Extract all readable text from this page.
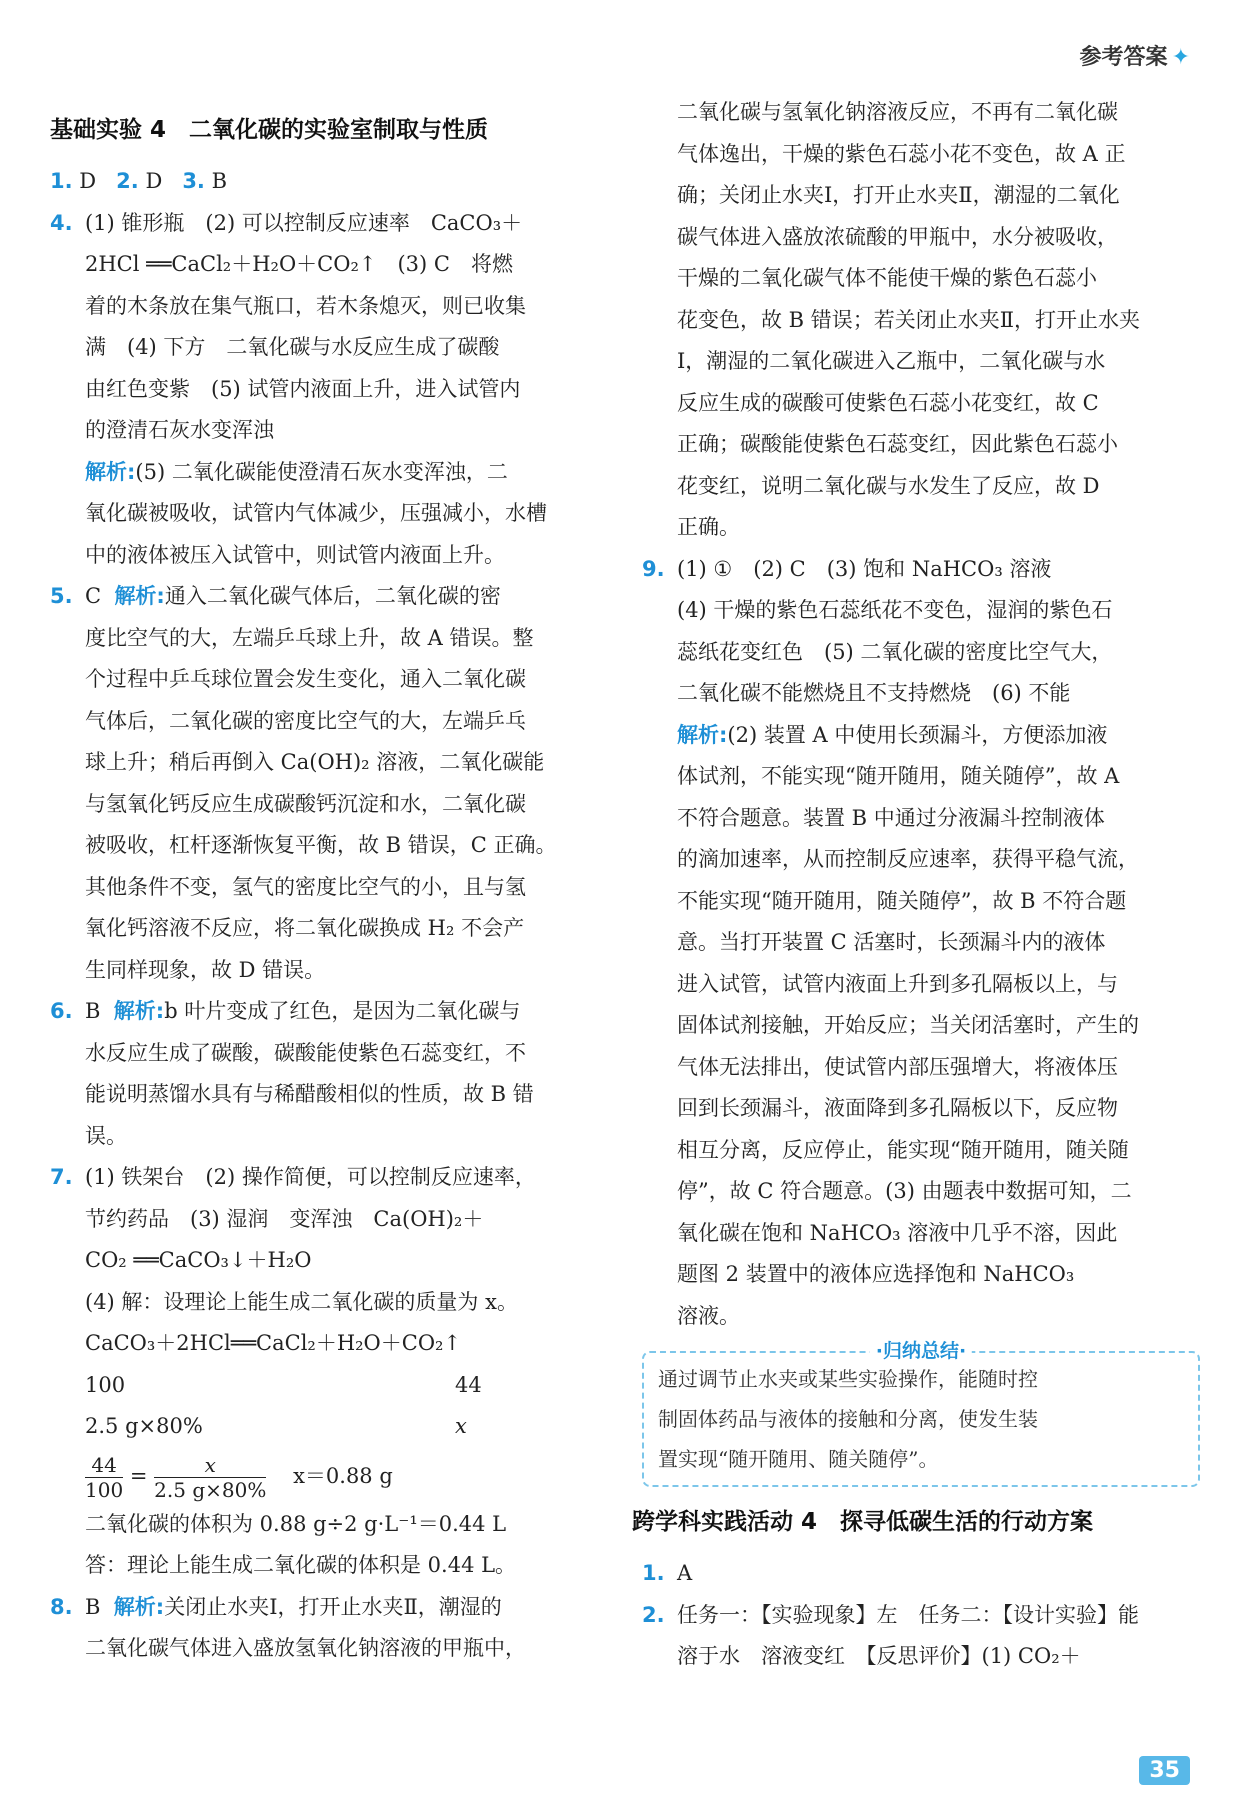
参考答案 ✦
基础实验 4　二氧化碳的实验室制取与性质
1. D 2. D 3. B
4. (1) 锥形瓶　(2) 可以控制反应速率　CaCO₃＋
2HCl ══CaCl₂＋H₂O＋CO₂↑　(3) C　将燃
着的木条放在集气瓶口，若木条熄灭，则已收集
满　(4) 下方　二氧化碳与水反应生成了碳酸
由红色变紫　(5) 试管内液面上升，进入试管内
的澄清石灰水变浑浊
解析:(5) 二氧化碳能使澄清石灰水变浑浊，二
氧化碳被吸收，试管内气体减少，压强减小，水槽
中的液体被压入试管中，则试管内液面上升。
5. C 解析:通入二氧化碳气体后，二氧化碳的密
度比空气的大，左端乒乓球上升，故 A 错误。整
个过程中乒乓球位置会发生变化，通入二氧化碳
气体后，二氧化碳的密度比空气的大，左端乒乓
球上升；稍后再倒入 Ca(OH)₂ 溶液，二氧化碳能
与氢氧化钙反应生成碳酸钙沉淀和水，二氧化碳
被吸收，杠杆逐渐恢复平衡，故 B 错误，C 正确。
其他条件不变，氢气的密度比空气的小，且与氢
氧化钙溶液不反应，将二氧化碳换成 H₂ 不会产
生同样现象，故 D 错误。
6. B 解析:b 叶片变成了红色，是因为二氧化碳与
水反应生成了碳酸，碳酸能使紫色石蕊变红，不
能说明蒸馏水具有与稀醋酸相似的性质，故 B 错
误。
7. (1) 铁架台　(2) 操作简便，可以控制反应速率，
节约药品　(3) 湿润　变浑浊　Ca(OH)₂＋
CO₂ ══CaCO₃↓＋H₂O
(4) 解：设理论上能生成二氧化碳的质量为 x。
CaCO₃＋2HCl══CaCl₂＋H₂O＋CO₂↑
100	44
2.5 g×80%	x
$\frac{44}{100} = \frac{x}{2.5 g\times 80\%} x=0.88$ g
二氧化碳的体积为 0.88 g÷2 g·L⁻¹＝0.44 L
答：理论上能生成二氧化碳的体积是 0.44 L。
8. B 解析:关闭止水夹Ⅰ，打开止水夹Ⅱ，潮湿的
二氧化碳气体进入盛放氢氧化钠溶液的甲瓶中，
二氧化碳与氢氧化钠溶液反应，不再有二氧化碳
气体逸出，干燥的紫色石蕊小花不变色，故 A 正
确；关闭止水夹Ⅰ，打开止水夹Ⅱ，潮湿的二氧化
碳气体进入盛放浓硫酸的甲瓶中，水分被吸收，
干燥的二氧化碳气体不能使干燥的紫色石蕊小
花变色，故 B 错误；若关闭止水夹Ⅱ，打开止水夹
Ⅰ，潮湿的二氧化碳进入乙瓶中，二氧化碳与水
反应生成的碳酸可使紫色石蕊小花变红，故 C
正确；碳酸能使紫色石蕊变红，因此紫色石蕊小
花变红，说明二氧化碳与水发生了反应，故 D
正确。
9. (1) ①　(2) C　(3) 饱和 NaHCO₃ 溶液
(4) 干燥的紫色石蕊纸花不变色，湿润的紫色石
蕊纸花变红色　(5) 二氧化碳的密度比空气大，
二氧化碳不能燃烧且不支持燃烧　(6) 不能
解析:(2) 装置 A 中使用长颈漏斗，方便添加液
体试剂，不能实现“随开随用，随关随停”，故 A
不符合题意。装置 B 中通过分液漏斗控制液体
的滴加速率，从而控制反应速率，获得平稳气流，
不能实现“随开随用，随关随停”，故 B 不符合题
意。当打开装置 C 活塞时，长颈漏斗内的液体
进入试管，试管内液面上升到多孔隔板以上，与
固体试剂接触，开始反应；当关闭活塞时，产生的
气体无法排出，使试管内部压强增大，将液体压
回到长颈漏斗，液面降到多孔隔板以下，反应物
相互分离，反应停止，能实现“随开随用，随关随
停”，故 C 符合题意。(3) 由题表中数据可知，二
氧化碳在饱和 NaHCO₃ 溶液中几乎不溶，因此
题图 2 装置中的液体应选择饱和 NaHCO₃
溶液。
·归纳总结·
通过调节止水夹或某些实验操作，能随时控
制固体药品与液体的接触和分离，使发生装
置实现“随开随用、随关随停”。
跨学科实践活动 4　探寻低碳生活的行动方案
1. A
2. 任务一：【实验现象】左　任务二：【设计实验】能
溶于水　溶液变红　【反思评价】(1) CO₂＋
35
